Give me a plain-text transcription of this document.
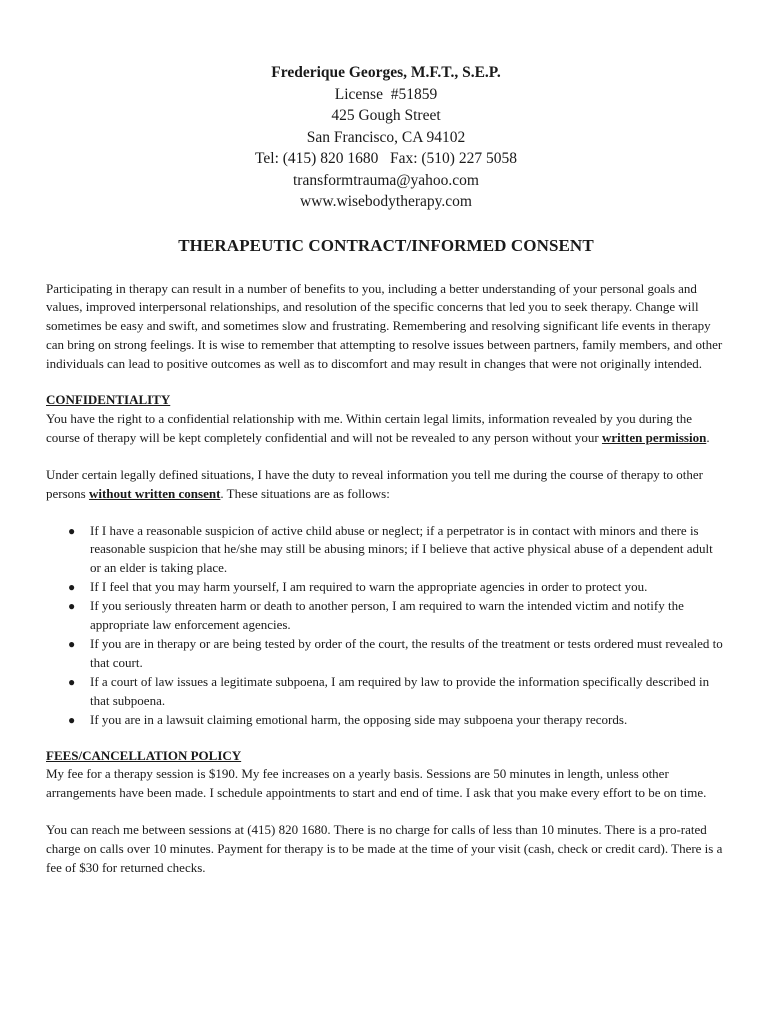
Frederique Georges, M.F.T., S.E.P.
License  #51859
425 Gough Street
San Francisco, CA 94102
Tel: (415) 820 1680   Fax: (510) 227 5058
transformtrauma@yahoo.com
www.wisebodytherapy.com
THERAPEUTIC CONTRACT/INFORMED CONSENT

Participating in therapy can result in a number of benefits to you, including a better understanding of your personal goals and values, improved interpersonal relationships, and resolution of the specific concerns that led you to seek therapy. Change will sometimes be easy and swift, and sometimes slow and frustrating. Remembering and resolving significant life events in therapy can bring on strong feelings. It is wise to remember that attempting to resolve issues between partners, family members, and other individuals can lead to positive outcomes as well as to discomfort and may result in changes that were not originally intended.

CONFIDENTIALITY

You have the right to a confidential relationship with me. Within certain legal limits, information revealed by you during the course of therapy will be kept completely confidential and will not be revealed to any person without your written permission.

Under certain legally defined situations, I have the duty to reveal information you tell me during the course of therapy to other persons without written consent. These situations are as follows:

● If I have a reasonable suspicion of active child abuse or neglect; if a perpetrator is in contact with minors and there is reasonable suspicion that he/she may still be abusing minors; if I believe that active physical abuse of a dependent adult or an elder is taking place.
● If I feel that you may harm yourself, I am required to warn the appropriate agencies in order to protect you.
● If you seriously threaten harm or death to another person, I am required to warn the intended victim and notify the appropriate law enforcement agencies.
● If you are in therapy or are being tested by order of the court, the results of the treatment or tests ordered must revealed to that court.
● If a court of law issues a legitimate subpoena, I am required by law to provide the information specifically described in that subpoena.
● If you are in a lawsuit claiming emotional harm, the opposing side may subpoena your therapy records.
FEES/CANCELLATION POLICY

My fee for a therapy session is $190. My fee increases on a yearly basis. Sessions are 50 minutes in length, unless other arrangements have been made. I schedule appointments to start and end of time. I ask that you make every effort to be on time.

You can reach me between sessions at (415) 820 1680. There is no charge for calls of less than 10 minutes. There is a pro-rated charge on calls over 10 minutes. Payment for therapy is to be made at the time of your visit (cash, check or credit card). There is a fee of $30 for returned checks.
